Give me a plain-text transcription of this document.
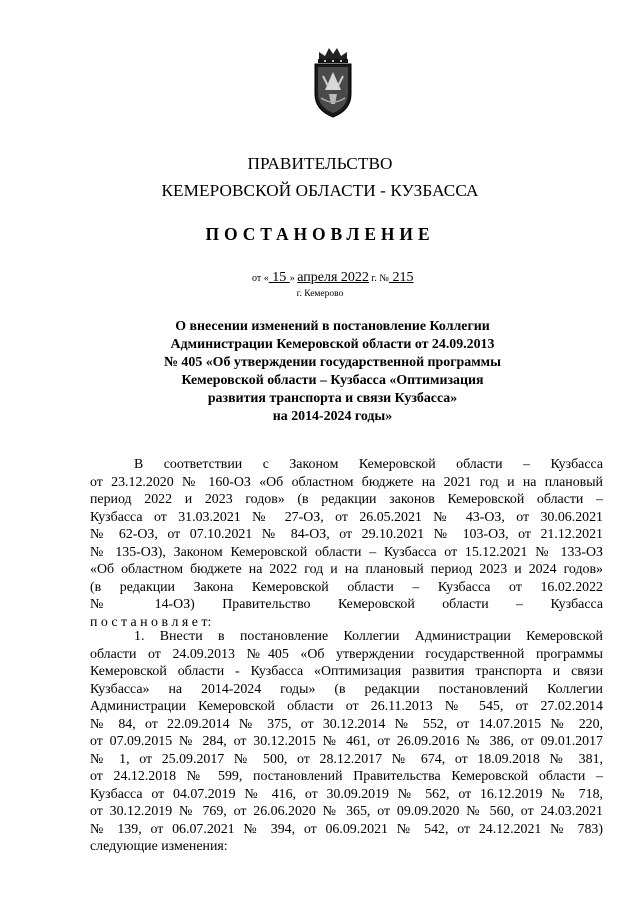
ПРАВИТЕЛЬСТВО
КЕМЕРОВСКОЙ ОБЛАСТИ - КУЗБАССА
ПОСТАНОВЛЕНИЕ
от « 15 » апреля 2022 г. № 215
г. Кемерово
О внесении изменений в постановление Коллегии
Администрации Кемеровской области от 24.09.2013
№ 405 «Об утверждении государственной программы
Кемеровской области – Кузбасса «Оптимизация
развития транспорта и связи Кузбасса»
на 2014-2024 годы»
В соответствии с Законом Кемеровской области – Кузбасса
от 23.12.2020 № 160-ОЗ «Об областном бюджете на 2021 год и на плановый
период 2022 и 2023 годов» (в редакции законов Кемеровской области –
Кузбасса от 31.03.2021 № 27-ОЗ, от 26.05.2021 № 43-ОЗ, от 30.06.2021
№ 62-ОЗ, от 07.10.2021 № 84-ОЗ, от 29.10.2021 № 103-ОЗ, от 21.12.2021
№ 135-ОЗ), Законом Кемеровской области – Кузбасса от 15.12.2021 № 133-ОЗ
«Об областном бюджете на 2022 год и на плановый период 2023 и 2024 годов»
(в редакции Закона Кемеровской области – Кузбасса от 16.02.2022
№ 14-ОЗ) Правительство Кемеровской области – Кузбасса
п о с т а н о в л я е т:
1. Внести в постановление Коллегии Администрации Кемеровской
области от 24.09.2013 №405 «Об утверждении государственной программы
Кемеровской области - Кузбасса «Оптимизация развития транспорта и связи
Кузбасса» на 2014-2024 годы» (в редакции постановлений Коллегии
Администрации Кемеровской области от 26.11.2013 № 545, от 27.02.2014
№ 84, от 22.09.2014 № 375, от 30.12.2014 № 552, от 14.07.2015 № 220,
от 07.09.2015 № 284, от 30.12.2015 № 461, от 26.09.2016 № 386, от 09.01.2017
№ 1, от 25.09.2017 № 500, от 28.12.2017 № 674, от 18.09.2018 № 381,
от 24.12.2018 № 599, постановлений Правительства Кемеровской области –
Кузбасса от 04.07.2019 № 416, от 30.09.2019 № 562, от 16.12.2019 № 718,
от 30.12.2019 № 769, от 26.06.2020 № 365, от 09.09.2020 № 560, от 24.03.2021
№ 139, от 06.07.2021 № 394, от 06.09.2021 № 542, от 24.12.2021 № 783)
следующие изменения:
